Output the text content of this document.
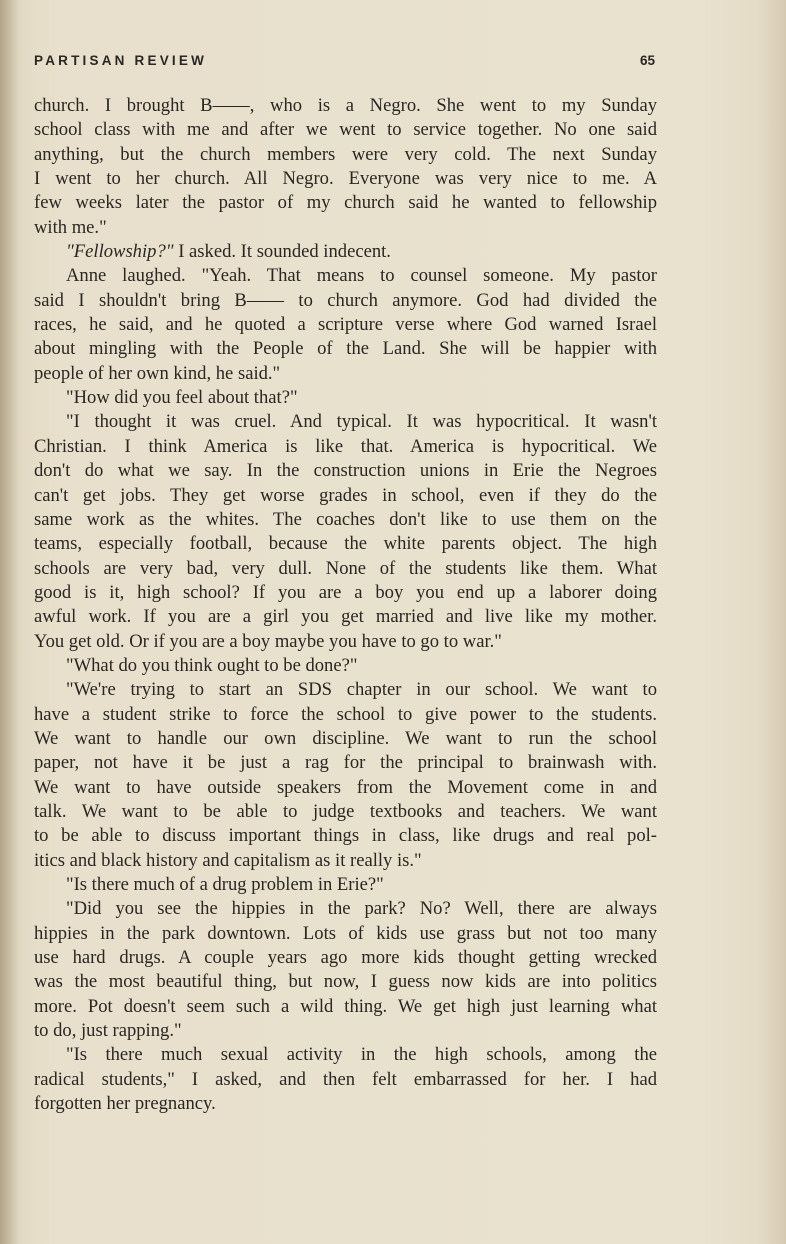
PARTISAN REVIEW	65

church. I brought B——, who is a Negro. She went to my Sunday
school class with me and after we went to service together. No one said
anything, but the church members were very cold. The next Sunday
I went to her church. All Negro. Everyone was very nice to me. A
few weeks later the pastor of my church said he wanted to fellowship
with me."

"Fellowship?" I asked. It sounded indecent.

Anne laughed. "Yeah. That means to counsel someone. My pastor
said I shouldn't bring B—— to church anymore. God had divided the
races, he said, and he quoted a scripture verse where God warned Israel
about mingling with the People of the Land. She will be happier with
people of her own kind, he said."

"How did you feel about that?"

"I thought it was cruel. And typical. It was hypocritical. It wasn't
Christian. I think America is like that. America is hypocritical. We
don't do what we say. In the construction unions in Erie the Negroes
can't get jobs. They get worse grades in school, even if they do the
same work as the whites. The coaches don't like to use them on the
teams, especially football, because the white parents object. The high
schools are very bad, very dull. None of the students like them. What
good is it, high school? If you are a boy you end up a laborer doing
awful work. If you are a girl you get married and live like my mother.
You get old. Or if you are a boy maybe you have to go to war."

"What do you think ought to be done?"

"We're trying to start an SDS chapter in our school. We want to
have a student strike to force the school to give power to the students.
We want to handle our own discipline. We want to run the school
paper, not have it be just a rag for the principal to brainwash with.
We want to have outside speakers from the Movement come in and
talk. We want to be able to judge textbooks and teachers. We want
to be able to discuss important things in class, like drugs and real pol-
itics and black history and capitalism as it really is."

"Is there much of a drug problem in Erie?"

"Did you see the hippies in the park? No? Well, there are always
hippies in the park downtown. Lots of kids use grass but not too many
use hard drugs. A couple years ago more kids thought getting wrecked
was the most beautiful thing, but now, I guess now kids are into politics
more. Pot doesn't seem such a wild thing. We get high just learning what
to do, just rapping."

"Is there much sexual activity in the high schools, among the
radical students," I asked, and then felt embarrassed for her. I had
forgotten her pregnancy.
